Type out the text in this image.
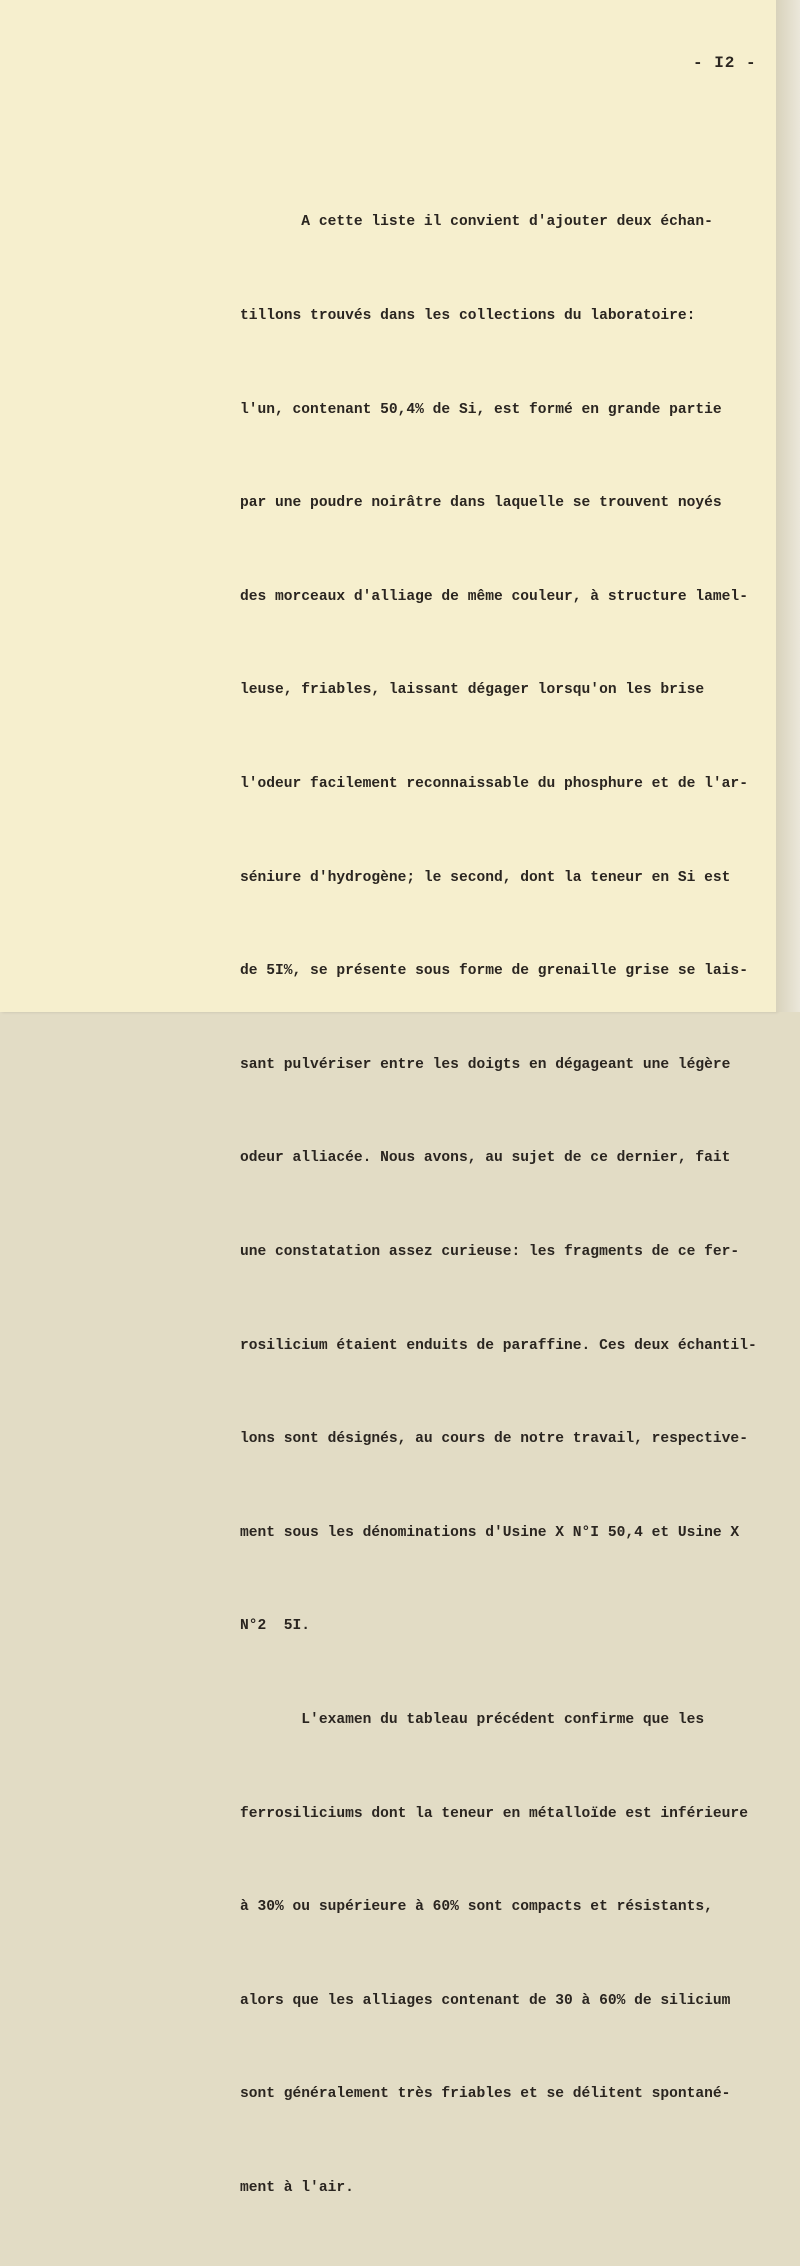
- I2 -

A cette liste il convient d'ajouter deux échan-

tillons trouvés dans les collections du laboratoire:

l'un, contenant 50,4% de Si, est formé en grande partie

par une poudre noirâtre dans laquelle se trouvent noyés

des morceaux d'alliage de même couleur, à structure lamel-

leuse, friables, laissant dégager lorsqu'on les brise

l'odeur facilement reconnaissable du phosphure et de l'ar-

séniure d'hydrogène; le second, dont la teneur en Si est

de 5I%, se présente sous forme de grenaille grise se lais-

sant pulvériser entre les doigts en dégageant une légère

odeur alliacée. Nous avons, au sujet de ce dernier, fait

une constatation assez curieuse: les fragments de ce fer-

rosilicium étaient enduits de paraffine. Ces deux échantil-

lons sont désignés, au cours de notre travail, respective-

ment sous les dénominations d'Usine X N°I 50,4 et Usine X

N°2  5I.

L'examen du tableau précédent confirme que les

ferrosiliciums dont la teneur en métalloïde est inférieure

à 30% ou supérieure à 60% sont compacts et résistants,

alors que les alliages contenant de 30 à 60% de silicium

sont généralement très friables et se délitent spontané-

ment à l'air.
